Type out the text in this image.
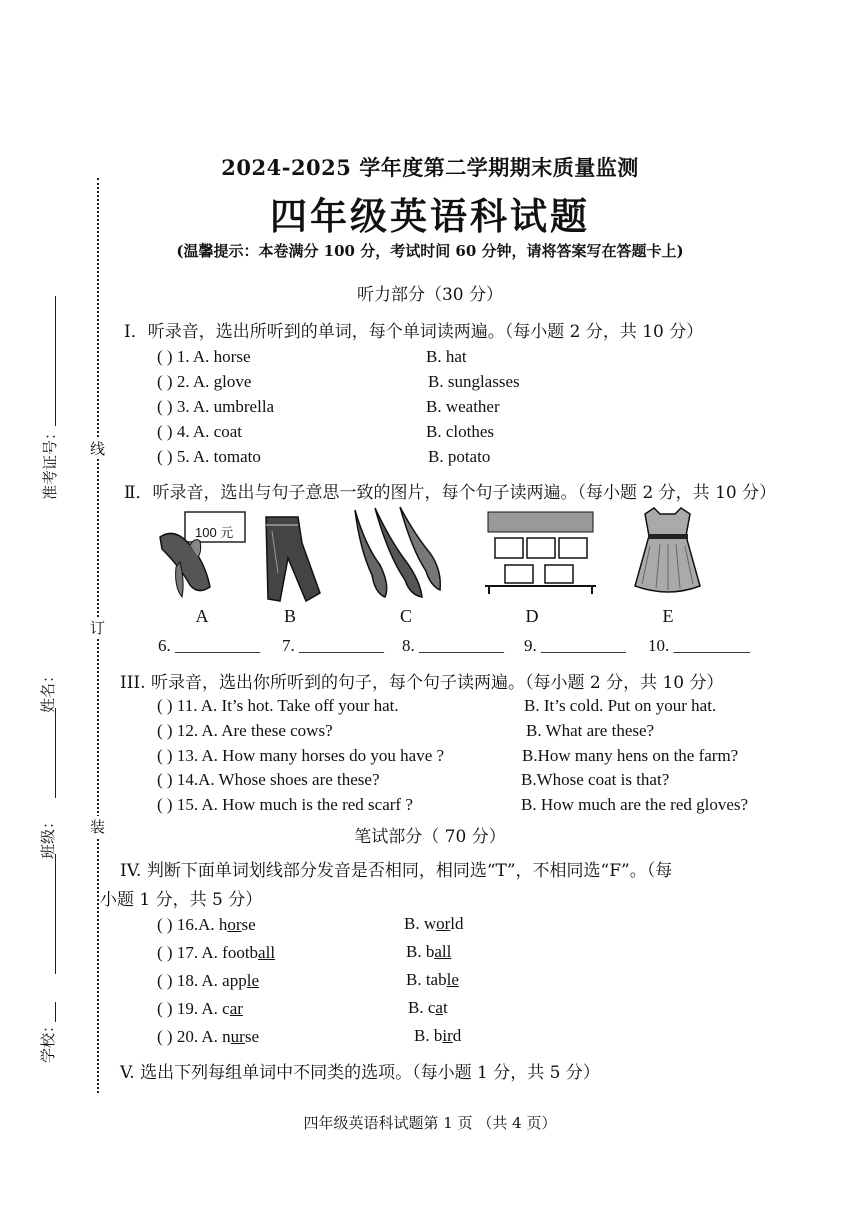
线
订
装
准考证号：
姓名：
班级：
学校：
2024-2025 学年度第二学期期末质量监测
四年级英语科试题
(温馨提示：本卷满分 100 分，考试时间 60 分钟，请将答案写在答题卡上)
听力部分（30 分）
Ⅰ．听录音，选出所听到的单词，每个单词读两遍。（每小题 2 分，共 10 分）
( ) 1. A. horse	B. hat
( ) 2. A. glove	B. sunglasses
( ) 3. A. umbrella	B. weather
( ) 4. A. coat	B. clothes
( ) 5. A. tomato	B. potato
Ⅱ．听录音，选出与句子意思一致的图片，每个句子读两遍。（每小题 2 分，共 10 分）
100 元
A	B	C	D	E
6. __________ 7. __________ 8. __________ 9. __________ 10. _________
III. 听录音，选出你所听到的句子，每个句子读两遍。（每小题 2 分，共 10 分）
( ) 11. A. It’s hot. Take off your hat.	B. It’s cold. Put on your hat.
( ) 12. A. Are these cows?	B. What are these?
( ) 13. A. How many horses do you have ?	B.How many hens on the farm?
( ) 14.A. Whose shoes are these?	B.Whose coat is that?
( ) 15. A. How much is the red scarf ?	B. How much are the red gloves?
笔试部分（ 70 分）
IV. 判断下面单词划线部分发音是否相同，相同选“T”，不相同选“F”。（每
小题 1 分，共 5 分）
( ) 16.A. horse	B. world
( ) 17. A. football	B. ball
( ) 18. A. apple	B. table
( ) 19. A. car	B. cat
( ) 20. A. nurse	B. bird
V. 选出下列每组单词中不同类的选项。（每小题 1 分，共 5 分）
四年级英语科试题第 1 页 （共 4 页）
